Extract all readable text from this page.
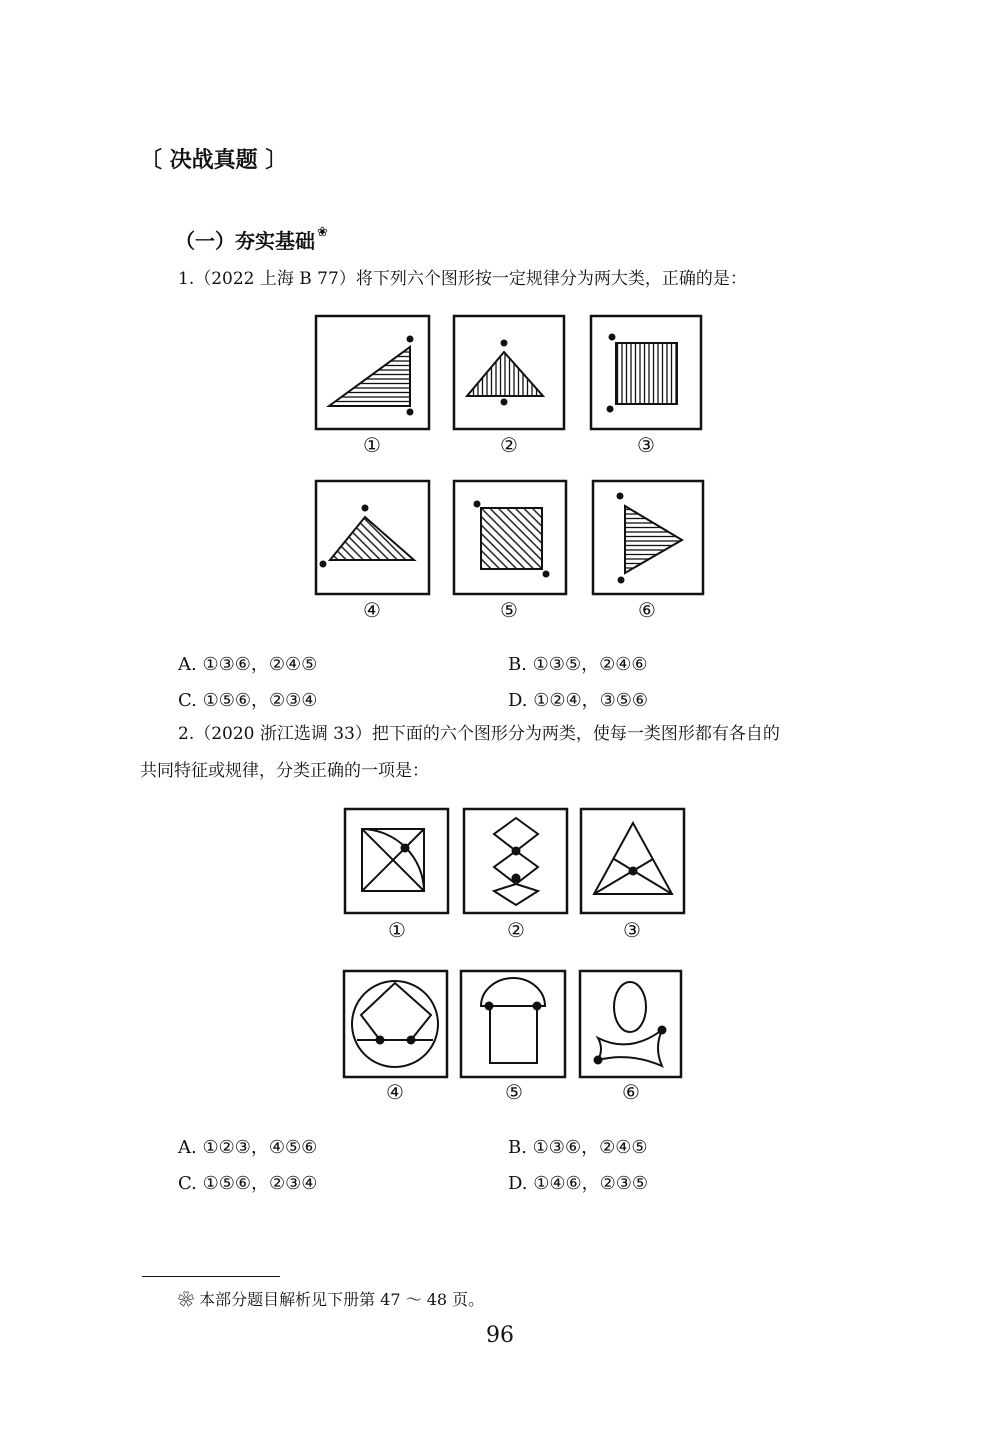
〔 决战真题 〕
（一）夯实基础 ❀
1.（2022 上海 B 77）将下列六个图形按一定规律分为两大类，正确的是：
①	②	③
④	⑤	⑥
A. ①③⑥，②④⑤	B. ①③⑤，②④⑥
C. ①⑤⑥，②③④	D. ①②④，③⑤⑥
2.（2020 浙江选调 33）把下面的六个图形分为两类，使每一类图形都有各自的
共同特征或规律，分类正确的一项是：
①	②	③
④	⑤	⑥
A. ①②③，④⑤⑥	B. ①③⑥，②④⑤
C. ①⑤⑥，②③④	D. ①④⑥，②③⑤
❀ 本部分题目解析见下册第 47 ～ 48 页。
96
